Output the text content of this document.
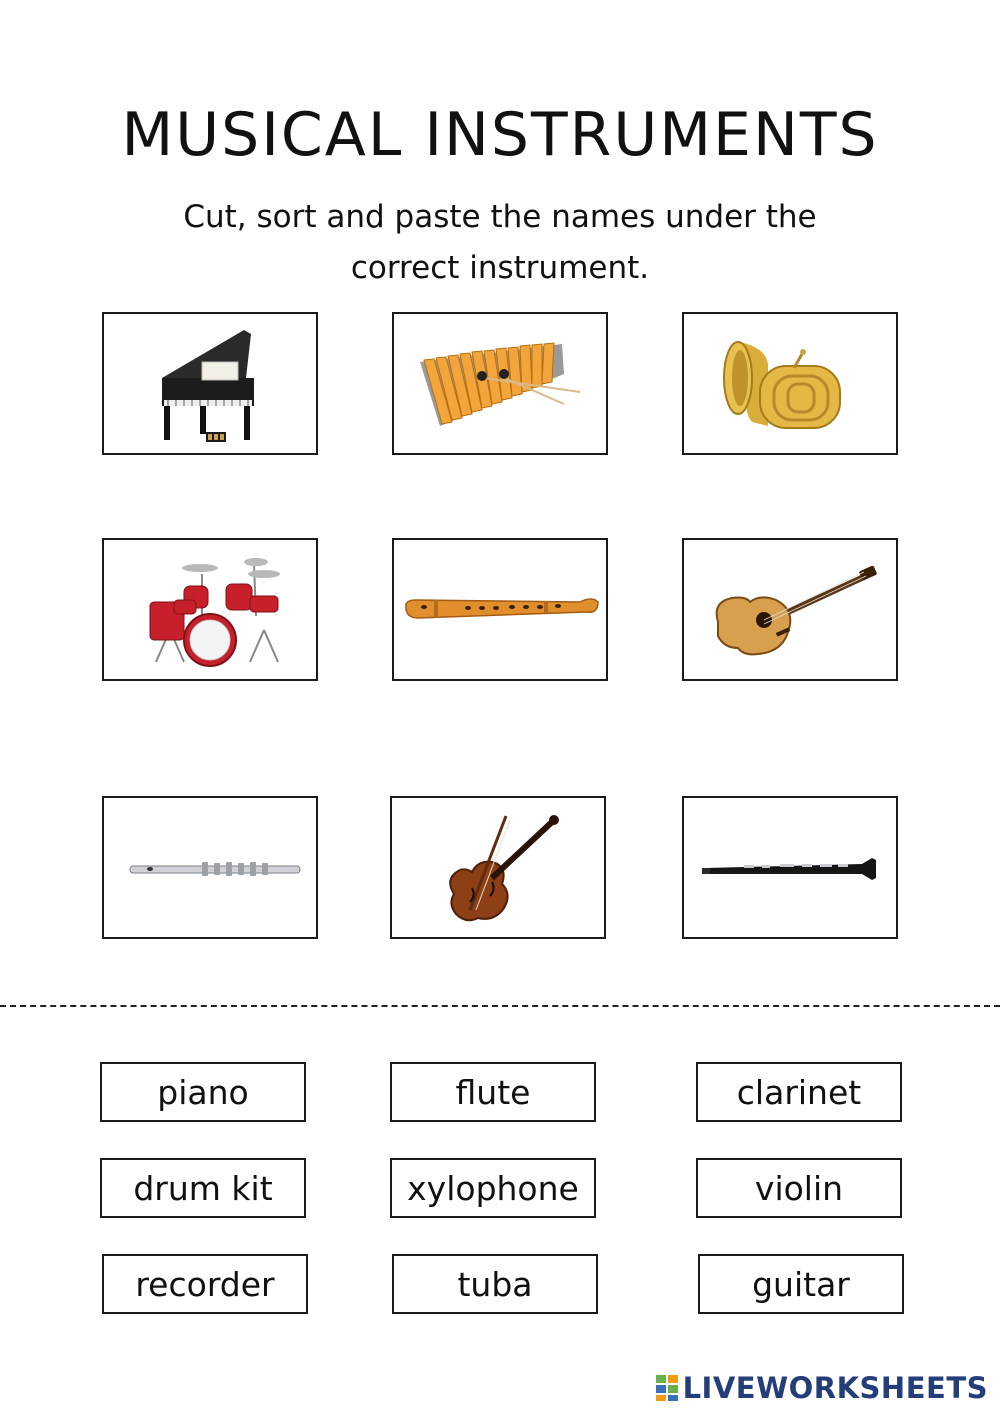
MUSICAL INSTRUMENTS
Cut, sort and paste the names under the
correct instrument.
piano	flute	clarinet
drum kit	xylophone	violin
recorder	tuba	guitar
LIVEWORKSHEETS
